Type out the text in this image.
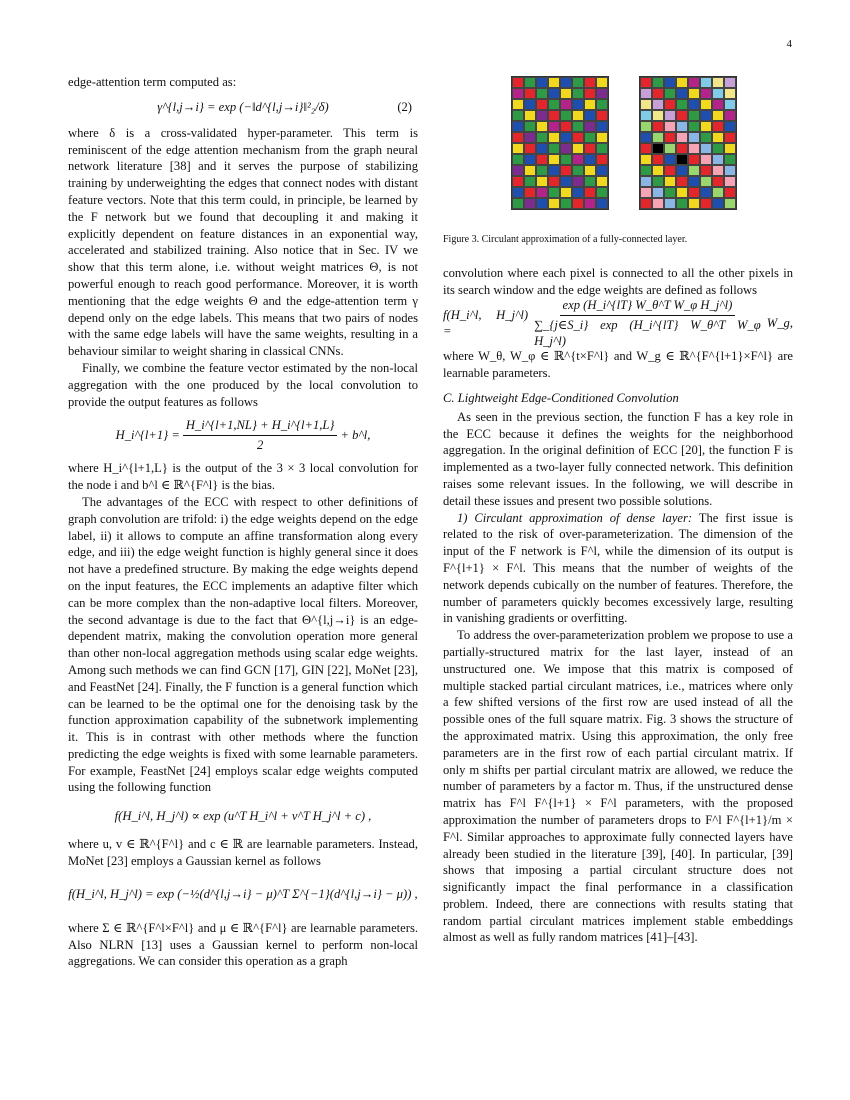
4

edge-attention term computed as:

γ^{l,j→i} = exp (−‖d^{l,j→i}‖²₂/δ)	(2)

where δ is a cross-validated hyper-parameter. This term is reminiscent of the edge attention mechanism from the graph neural network literature [38] and it serves the purpose of stabilizing training by underweighting the edges that connect nodes with distant feature vectors. Note that this term could, in principle, be learned by the F network but we found that decoupling it and making it explicitly dependent on feature distances in an exponential way, accelerated and stabilized training. Also notice that in Sec. IV we show that this term alone, i.e. without weight matrices Θ, is not powerful enough to reach good performance. Moreover, it is worth mentioning that the edge weights Θ and the edge-attention term γ depend only on the edge labels. This means that two pairs of nodes with the same edge labels will have the same weights, resulting in a behaviour similar to weight sharing in classical CNNs.

Finally, we combine the feature vector estimated by the non-local aggregation with the one produced by the local convolution to provide the output features as follows

H_i^{l+1} = $\frac{H\_i\^{}\{l+1,NL\} + H\_i\^{}\{l+1,L\}}{2}$ + b^l,

where H_i^{l+1,L} is the output of the 3 × 3 local convolution for the node i and b^l ∈ ℝ^{F^l} is the bias.

The advantages of the ECC with respect to other definitions of graph convolution are trifold: i) the edge weights depend on the edge label, ii) it allows to compute an affine transformation along every edge, and iii) the edge weight function is highly general since it does not have a predefined structure. By making the edge weights depend on the input features, the ECC implements an adaptive filter which can be more complex than the non-adaptive local filters. Moreover, the second advantage is due to the fact that Θ^{l,j→i} is an edge-dependent matrix, making the convolution operation more general than other non-local aggregation methods using scalar edge weights. Among such methods we can find GCN [17], GIN [22], MoNet [23], and FeastNet [24]. Finally, the F function is a general function which can be learned to be the optimal one for the denoising task by the function approximation capability of the subnetwork implementing it. This is in contrast with other methods where the function predicting the edge weights is fixed with some learnable parameters. For example, FeastNet [24] employs scalar edge weights computed using the following function

f(H_i^l, H_j^l) ∝ exp (u^T H_i^l + v^T H_j^l + c) ,

where u, v ∈ ℝ^{F^l} and c ∈ ℝ are learnable parameters. Instead, MoNet [23] employs a Gaussian kernel as follows

f(H_i^l, H_j^l) = exp (−½(d^{l,j→i} − μ)^T Σ^{−1}(d^{l,j→i} − μ)) ,

where Σ ∈ ℝ^{F^l×F^l} and μ ∈ ℝ^{F^l} are learnable parameters. Also NLRN [13] uses a Gaussian kernel to perform non-local aggregations. We can consider this operation as a graph

Figure 3. Circulant approximation of a fully-connected layer.

convolution where each pixel is connected to all the other pixels in its search window and the edge weights are defined as follows

f(H_i^l, H_j^l) =	$\frac{\text{exp (H\_i\textasciicircum{}\{lT\} W\_θ\textasciicircum{}T W\_φ H\_j\textasciicircum{}l)}}{\text{∑\_\{j∈S\_i\} exp (H\_i\textasciicircum{}\{lT\} W\_θ\textasciicircum{}T W\_φ H\_j\textasciicircum{}l)}}$ W_g,

where W_θ, W_φ ∈ ℝ^{t×F^l} and W_g ∈ ℝ^{F^{l+1}×F^l} are learnable parameters.

C. Lightweight Edge-Conditioned Convolution

As seen in the previous section, the function F has a key role in the ECC because it defines the weights for the neighborhood aggregation. In the original definition of ECC [20], the function F is implemented as a two-layer fully connected network. This definition raises some relevant issues. In the following, we will describe in detail these issues and present two possible solutions.

1) Circulant approximation of dense layer: The first issue is related to the risk of over-parameterization. The dimension of the input of the F network is F^l, while the dimension of its output is F^{l+1} × F^l. This means that the number of weights of the network depends cubically on the number of features. Therefore, the number of parameters quickly becomes excessively large, resulting in vanishing gradients or overfitting.

To address the over-parameterization problem we propose to use a partially-structured matrix for the last layer, instead of an unstructured one. We impose that this matrix is composed of multiple stacked partial circulant matrices, i.e., matrices where only a few shifted versions of the first row are used instead of all the possible ones of the full square matrix. Fig. 3 shows the structure of the approximated matrix. Using this approximation, the only free parameters are in the first row of each partial circulant matrix. If only m shifts per partial circulant matrix are allowed, we reduce the number of parameters by a factor m. Thus, if the unstructured dense matrix has F^l F^{l+1} × F^l parameters, with the proposed approximation the number of parameters drops to F^l F^{l+1}/m × F^l. Similar approaches to approximate fully connected layers have already been studied in the literature [39], [40]. In particular, [39] shows that imposing a partial circulant structure does not significantly impact the final performance in a classification problem. Indeed, there are connections with results stating that random partial circulant matrices implement stable embeddings almost as well as fully random matrices [41]–[43].
